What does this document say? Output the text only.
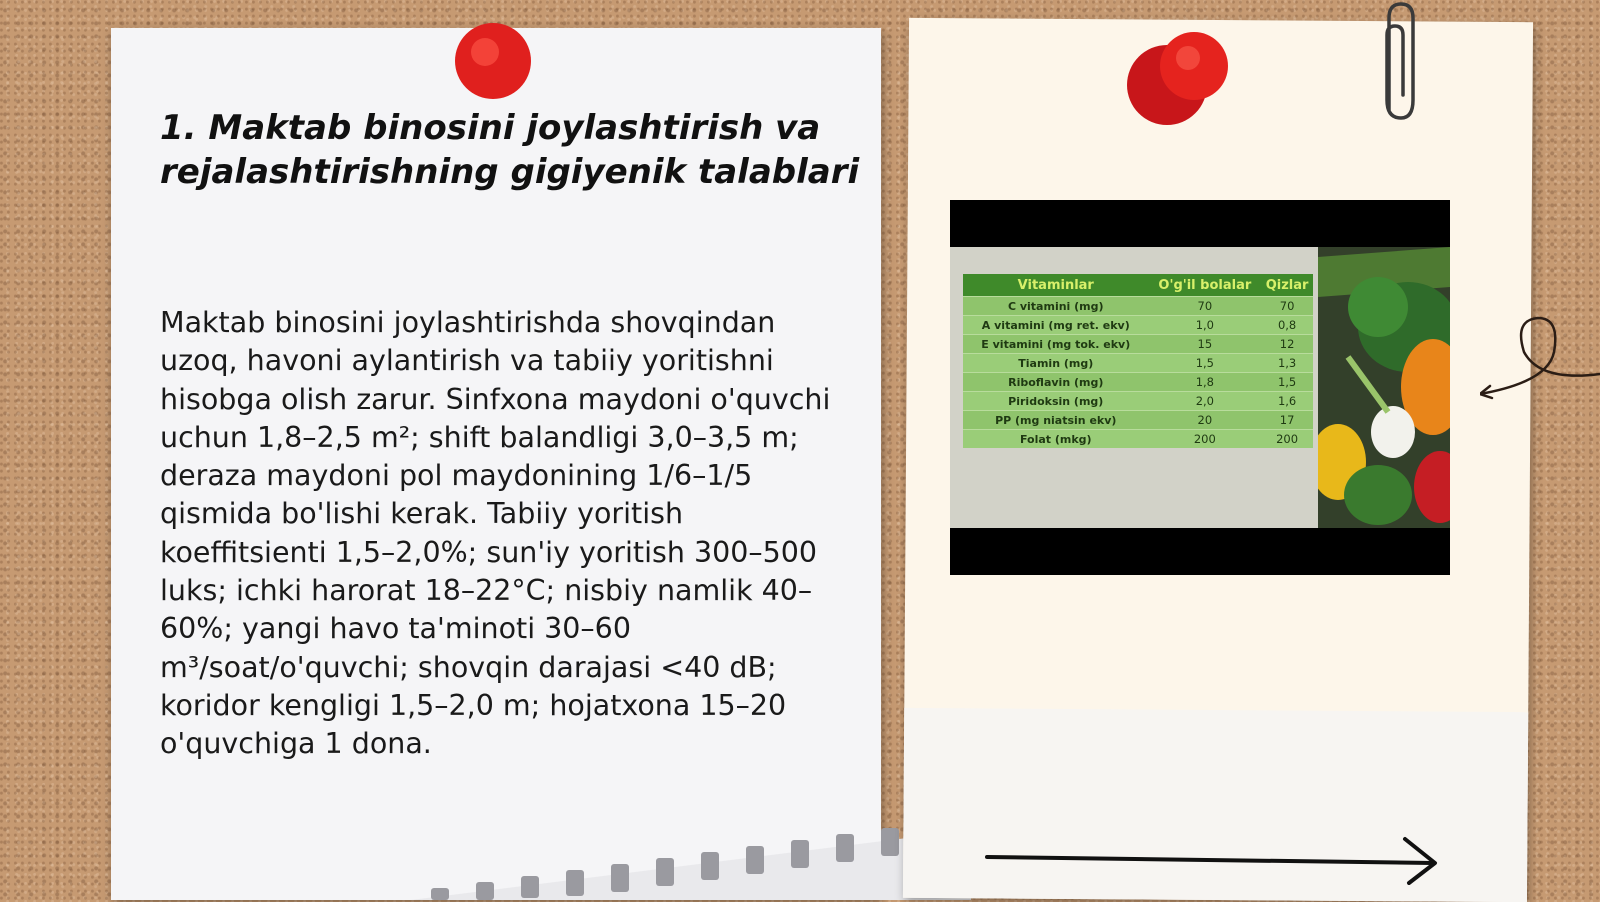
1. Maktab binosini joylashtirish va rejalashtirishning gigiyenik talablari

Maktab binosini joylashtirishda shovqindan uzoq, havoni aylantirish va tabiiy yoritishni hisobga olish zarur. Sinfxona maydoni o'quvchi uchun 1,8–2,5 m²; shift balandligi 3,0–3,5 m; deraza maydoni pol maydonining 1/6–1/5 qismida bo'lishi kerak. Tabiiy yoritish koeffitsienti 1,5–2,0%; sun'iy yoritish 300–500 luks; ichki harorat 18–22°C; nisbiy namlik 40–60%; yangi havo ta'minoti 30–60 m³/soat/o'quvchi; shovqin darajasi <40 dB; koridor kengligi 1,5–2,0 m; hojatxona 15–20 o'quvchiga 1 dona.

Vitaminlar	O'g'il bolalar	Qizlar
C vitamini (mg)	70	70
A vitamini (mg ret. ekv)	1,0	0,8
E vitamini (mg tok. ekv)	15	12
Tiamin (mg)	1,5	1,3
Riboflavin (mg)	1,8	1,5
Piridoksin (mg)	2,0	1,6
PP (mg niatsin ekv)	20	17
Folat (mkg)	200	200
